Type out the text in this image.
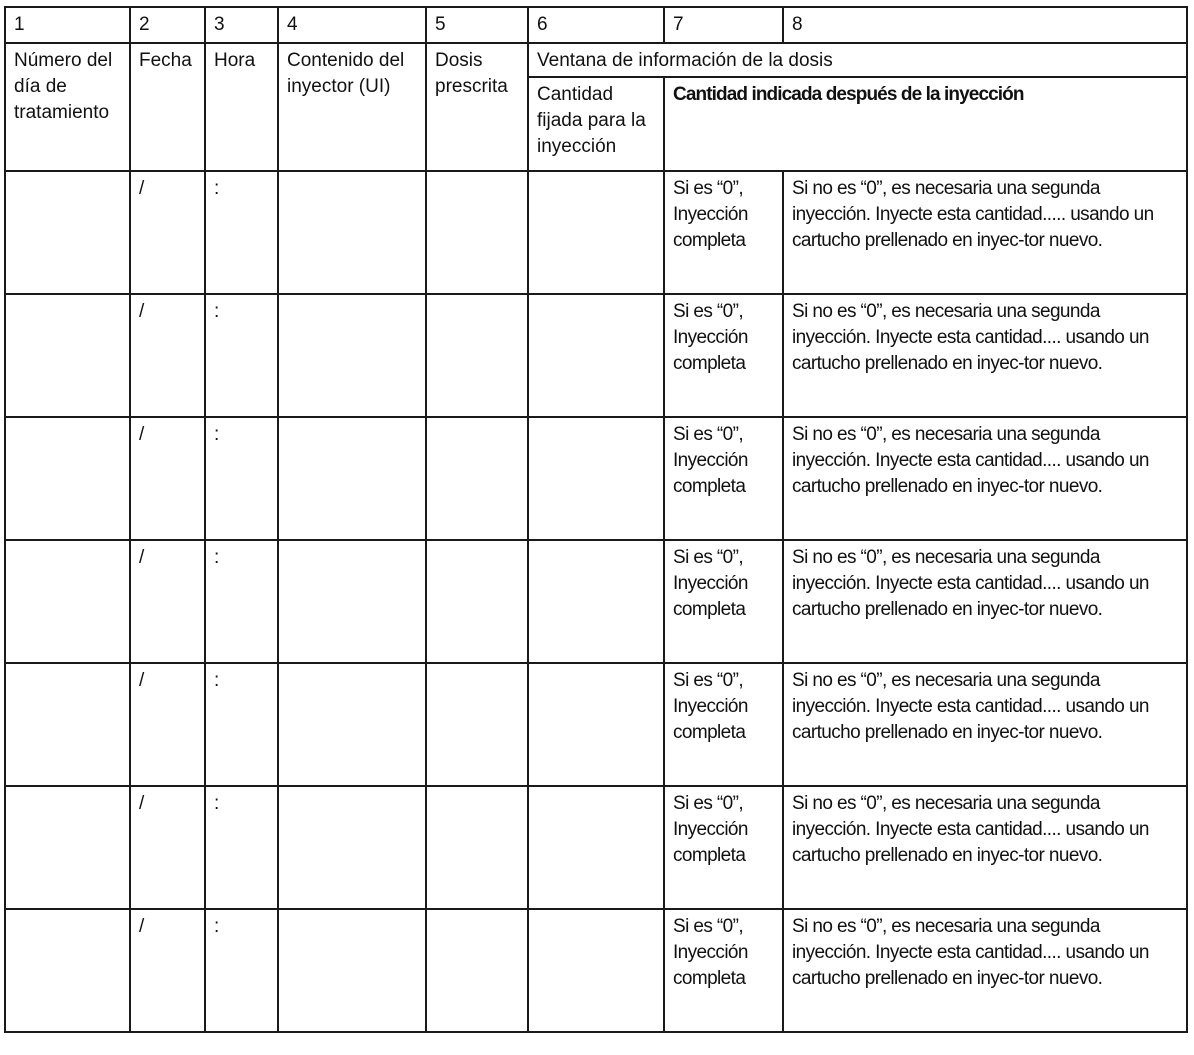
1	2	3	4	5	6	7	8
Número del día de tratamiento	Fecha	Hora	Contenido del inyector (UI)	Dosis prescrita	Ventana de información de la dosis		
					Cantidad fijada para la inyección	Cantidad indicada después de la inyección	
	/	:				Si es “0”, Inyección completa	Si no es “0”, es necesaria una segunda inyección. Inyecte esta cantidad..... usando un cartucho prellenado en inyec-tor nuevo.
	/	:				Si es “0”, Inyección completa	Si no es “0”, es necesaria una segunda inyección. Inyecte esta cantidad.... usando un cartucho prellenado en inyec-tor nuevo.
	/	:				Si es “0”, Inyección completa	Si no es “0”, es necesaria una segunda inyección. Inyecte esta cantidad.... usando un cartucho prellenado en inyec-tor nuevo.
	/	:				Si es “0”, Inyección completa	Si no es “0”, es necesaria una segunda inyección. Inyecte esta cantidad.... usando un cartucho prellenado en inyec-tor nuevo.
	/	:				Si es “0”, Inyección completa	Si no es “0”, es necesaria una segunda inyección. Inyecte esta cantidad.... usando un cartucho prellenado en inyec-tor nuevo.
	/	:				Si es “0”, Inyección completa	Si no es “0”, es necesaria una segunda inyección. Inyecte esta cantidad.... usando un cartucho prellenado en inyec-tor nuevo.
	/	:				Si es “0”, Inyección completa	Si no es “0”, es necesaria una segunda inyección. Inyecte esta cantidad.... usando un cartucho prellenado en inyec-tor nuevo.
